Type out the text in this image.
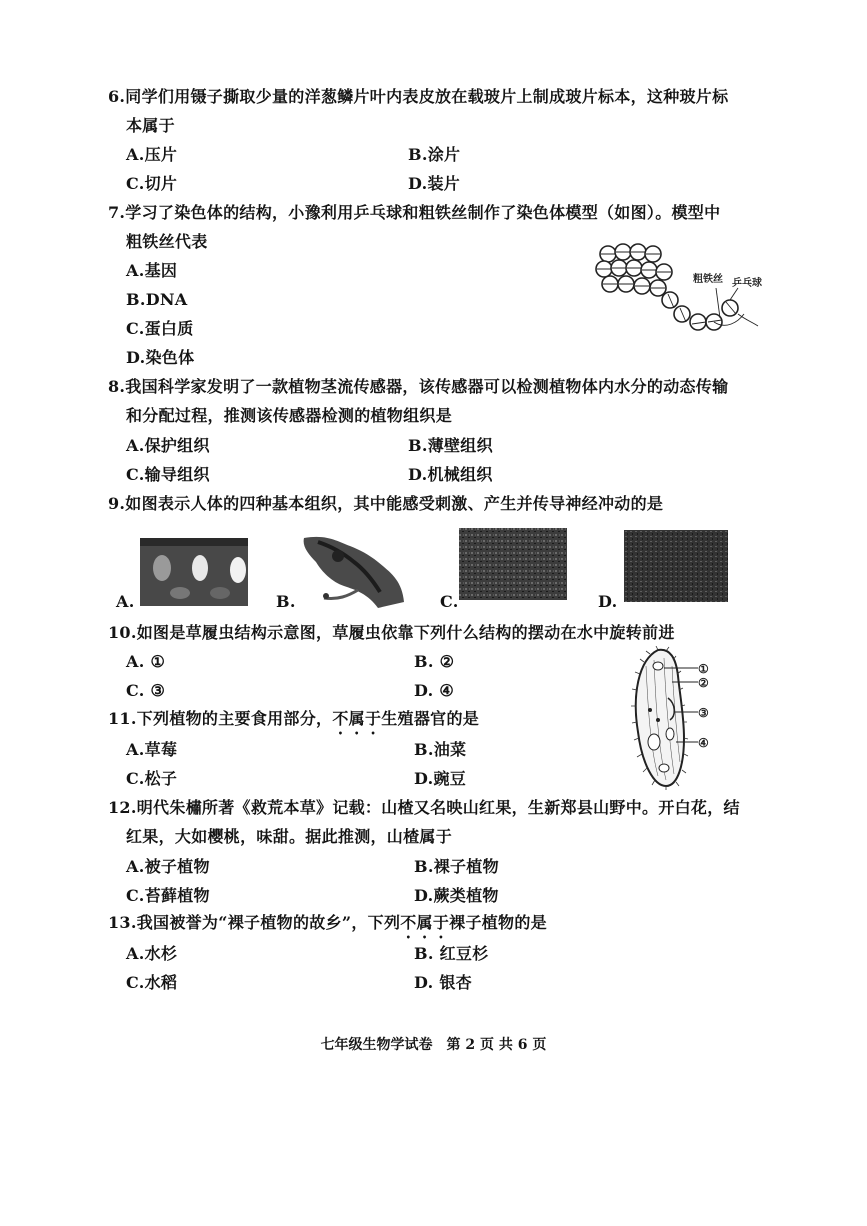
6.同学们用镊子撕取少量的洋葱鳞片叶内表皮放在载玻片上制成玻片标本，这种玻片标
本属于
A.压片	B.涂片
C.切片	D.装片
7.学习了染色体的结构，小豫利用乒乓球和粗铁丝制作了染色体模型（如图）。模型中
粗铁丝代表
A.基因
B.DNA
C.蛋白质
D.染色体
粗铁丝 乒乓球
8.我国科学家发明了一款植物茎流传感器，该传感器可以检测植物体内水分的动态传输
和分配过程，推测该传感器检测的植物组织是
A.保护组织	B.薄壁组织
C.输导组织	D.机械组织
9.如图表示人体的四种基本组织，其中能感受刺激、产生并传导神经冲动的是
A.	B.	C.	D.
10.如图是草履虫结构示意图，草履虫依靠下列什么结构的摆动在水中旋转前进
A. ①	B. ②
C. ③	D. ④
①
②
③
④
11.下列植物的主要食用部分，不属于生殖器官的是
A.草莓	B.油菜
C.松子	D.豌豆
12.明代朱橚所著《救荒本草》记载：山楂又名映山红果，生新郑县山野中。开白花，结
红果，大如樱桃，味甜。据此推测，山楂属于
A.被子植物	B.裸子植物
C.苔藓植物	D.蕨类植物
13.我国被誉为“裸子植物的故乡”，下列不属于裸子植物的是
A.水杉	B. 红豆杉
C.水稻	D. 银杏
七年级生物学试卷　第 2 页 共 6 页
